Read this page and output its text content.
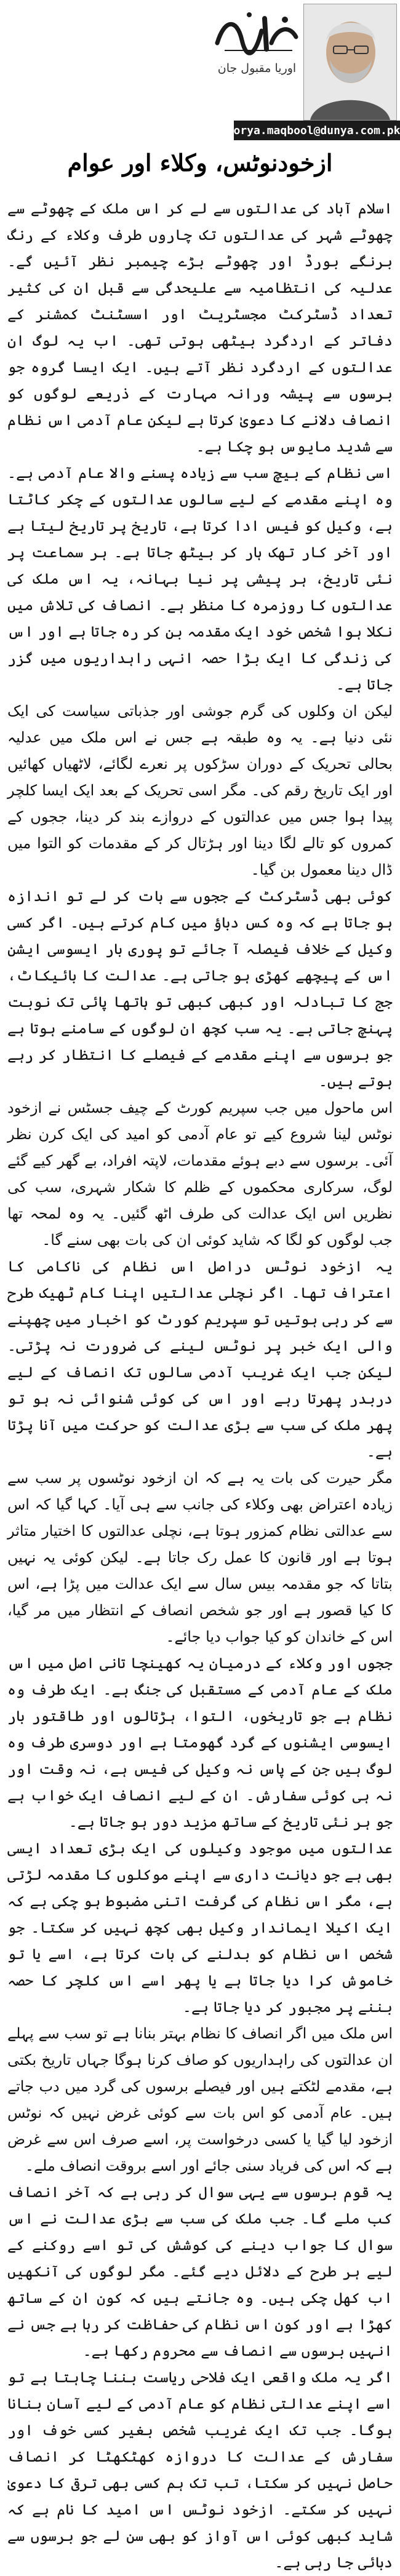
اوریا مقبول جان
orya.maqbool@dunya.com.pk
ازخودنوٹس، وکلاء اور عوام

اسلام آباد کی عدالتوں سے لے کر اس ملک کے چھوٹے سے چھوٹے شہر کی عدالتوں تک چاروں طرف وکلاء کے رنگ برنگے بورڈ اور چھوٹے بڑے چیمبر نظر آئیں گے۔ عدلیہ کی انتظامیہ سے علیحدگی سے قبل ان کی کثیر تعداد ڈسٹرکٹ مجسٹریٹ اور اسسٹنٹ کمشنر کے دفاتر کے اردگرد بیٹھی ہوتی تھی۔ اب یہ لوگ ان عدالتوں کے اردگرد نظر آتے ہیں۔ ایک ایسا گروہ جو برسوں سے پیشہ ورانہ مہارت کے ذریعے لوگوں کو انصاف دلانے کا دعویٰ کرتا ہے لیکن عام آدمی اس نظام سے شدید مایوس ہو چکا ہے۔

اسی نظام کے بیچ سب سے زیادہ پسنے والا عام آدمی ہے۔ وہ اپنے مقدمے کے لیے سالوں عدالتوں کے چکر کاٹتا ہے، وکیل کو فیس ادا کرتا ہے، تاریخ پر تاریخ لیتا ہے اور آخر کار تھک ہار کر بیٹھ جاتا ہے۔ ہر سماعت پر نئی تاریخ، ہر پیشی پر نیا بہانہ، یہ اس ملک کی عدالتوں کا روزمرہ کا منظر ہے۔ انصاف کی تلاش میں نکلا ہوا شخص خود ایک مقدمہ بن کر رہ جاتا ہے اور اس کی زندگی کا ایک بڑا حصہ انہی راہداریوں میں گزر جاتا ہے۔

لیکن ان وکلوں کی گرم جوشی اور جذباتی سیاست کی ایک نئی دنیا ہے۔ یہ وہ طبقہ ہے جس نے اس ملک میں عدلیہ بحالی تحریک کے دوران سڑکوں پر نعرے لگائے، لاٹھیاں کھائیں اور ایک تاریخ رقم کی۔ مگر اسی تحریک کے بعد ایک ایسا کلچر پیدا ہوا جس میں عدالتوں کے دروازے بند کر دینا، ججوں کے کمروں کو تالے لگا دینا اور ہڑتال کر کے مقدمات کو التوا میں ڈال دینا معمول بن گیا۔

کوئی بھی ڈسٹرکٹ کے ججوں سے بات کر لے تو اندازہ ہو جاتا ہے کہ وہ کس دباؤ میں کام کرتے ہیں۔ اگر کسی وکیل کے خلاف فیصلہ آ جائے تو پوری بار ایسوسی ایشن اس کے پیچھے کھڑی ہو جاتی ہے۔ عدالت کا بائیکاٹ، جج کا تبادلہ اور کبھی کبھی تو ہاتھا پائی تک نوبت پہنچ جاتی ہے۔ یہ سب کچھ ان لوگوں کے سامنے ہوتا ہے جو برسوں سے اپنے مقدمے کے فیصلے کا انتظار کر رہے ہوتے ہیں۔

اس ماحول میں جب سپریم کورٹ کے چیف جسٹس نے ازخود نوٹس لینا شروع کیے تو عام آدمی کو امید کی ایک کرن نظر آئی۔ برسوں سے دبے ہوئے مقدمات، لاپتہ افراد، بے گھر کیے گئے لوگ، سرکاری محکموں کے ظلم کا شکار شہری، سب کی نظریں اس ایک عدالت کی طرف اٹھ گئیں۔ یہ وہ لمحہ تھا جب لوگوں کو لگا کہ شاید کوئی ان کی بات بھی سنے گا۔

یہ ازخود نوٹس دراصل اس نظام کی ناکامی کا اعتراف تھا۔ اگر نچلی عدالتیں اپنا کام ٹھیک طرح سے کر رہی ہوتیں تو سپریم کورٹ کو اخبار میں چھپنے والی ایک خبر پر نوٹس لینے کی ضرورت نہ پڑتی۔ لیکن جب ایک غریب آدمی سالوں تک انصاف کے لیے دربدر پھرتا رہے اور اس کی کوئی شنوائی نہ ہو تو پھر ملک کی سب سے بڑی عدالت کو حرکت میں آنا پڑتا ہے۔

مگر حیرت کی بات یہ ہے کہ ان ازخود نوٹسوں پر سب سے زیادہ اعتراض بھی وکلاء کی جانب سے ہی آیا۔ کہا گیا کہ اس سے عدالتی نظام کمزور ہوتا ہے، نچلی عدالتوں کا اختیار متاثر ہوتا ہے اور قانون کا عمل رک جاتا ہے۔ لیکن کوئی یہ نہیں بتاتا کہ جو مقدمہ بیس سال سے ایک عدالت میں پڑا ہے، اس کا کیا قصور ہے اور جو شخص انصاف کے انتظار میں مر گیا، اس کے خاندان کو کیا جواب دیا جائے۔

ججوں اور وکلاء کے درمیان یہ کھینچا تانی اصل میں اس ملک کے عام آدمی کے مستقبل کی جنگ ہے۔ ایک طرف وہ نظام ہے جو تاریخوں، التوا، ہڑتالوں اور طاقتور بار ایسوسی ایشنوں کے گرد گھومتا ہے اور دوسری طرف وہ لوگ ہیں جن کے پاس نہ وکیل کی فیس ہے، نہ وقت اور نہ ہی کوئی سفارش۔ ان کے لیے انصاف ایک خواب ہے جو ہر نئی تاریخ کے ساتھ مزید دور ہو جاتا ہے۔

عدالتوں میں موجود وکیلوں کی ایک بڑی تعداد ایسی بھی ہے جو دیانت داری سے اپنے موکلوں کا مقدمہ لڑتی ہے، مگر اس نظام کی گرفت اتنی مضبوط ہو چکی ہے کہ ایک اکیلا ایماندار وکیل بھی کچھ نہیں کر سکتا۔ جو شخص اس نظام کو بدلنے کی بات کرتا ہے، اسے یا تو خاموش کرا دیا جاتا ہے یا پھر اسے اس کلچر کا حصہ بننے پر مجبور کر دیا جاتا ہے۔

اس ملک میں اگر انصاف کا نظام بہتر بنانا ہے تو سب سے پہلے ان عدالتوں کی راہداریوں کو صاف کرنا ہوگا جہاں تاریخ بکتی ہے، مقدمے لٹکتے ہیں اور فیصلے برسوں کی گرد میں دب جاتے ہیں۔ عام آدمی کو اس بات سے کوئی غرض نہیں کہ نوٹس ازخود لیا گیا یا کسی درخواست پر، اسے صرف اس سے غرض ہے کہ اس کی فریاد سنی جائے اور اسے بروقت انصاف ملے۔

یہ قوم برسوں سے یہی سوال کر رہی ہے کہ آخر انصاف کب ملے گا۔ جب ملک کی سب سے بڑی عدالت نے اس سوال کا جواب دینے کی کوشش کی تو اسے روکنے کے لیے ہر طرح کے دلائل دیے گئے۔ مگر لوگوں کی آنکھیں اب کھل چکی ہیں۔ وہ جانتے ہیں کہ کون ان کے ساتھ کھڑا ہے اور کون اس نظام کی حفاظت کر رہا ہے جس نے انہیں برسوں سے انصاف سے محروم رکھا ہے۔

اگر یہ ملک واقعی ایک فلاحی ریاست بننا چاہتا ہے تو اسے اپنے عدالتی نظام کو عام آدمی کے لیے آسان بنانا ہوگا۔ جب تک ایک غریب شخص بغیر کسی خوف اور سفارش کے عدالت کا دروازہ کھٹکھٹا کر انصاف حاصل نہیں کر سکتا، تب تک ہم کسی بھی ترقی کا دعویٰ نہیں کر سکتے۔ ازخود نوٹس اس امید کا نام ہے کہ شاید کبھی کوئی اس آواز کو بھی سن لے جو برسوں سے دبائی جا رہی ہے۔
